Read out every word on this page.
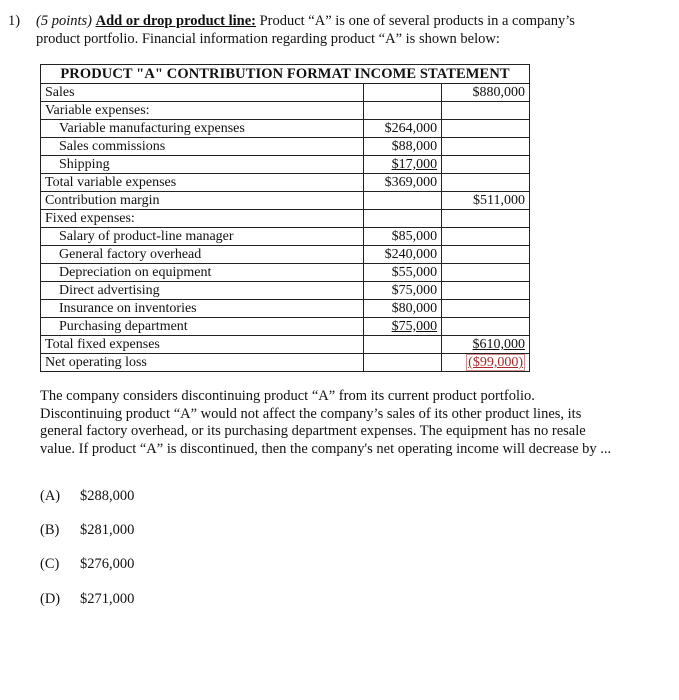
1)	(5 points) Add or drop product line: Product “A” is one of several products in a company’s
product portfolio. Financial information regarding product “A” is shown below:
PRODUCT "A" CONTRIBUTION FORMAT INCOME STATEMENT		
Sales		$880,000
Variable expenses:		
Variable manufacturing expenses	$264,000	
Sales commissions	$88,000	
Shipping	$17,000	
Total variable expenses	$369,000	
Contribution margin		$511,000
Fixed expenses:		
Salary of product-line manager	$85,000	
General factory overhead	$240,000	
Depreciation on equipment	$55,000	
Direct advertising	$75,000	
Insurance on inventories	$80,000	
Purchasing department	$75,000	
Total fixed expenses		$610,000
Net operating loss		($99,000)
The company considers discontinuing product “A” from its current product portfolio. Discontinuing product “A” would not affect the company’s sales of its other product lines, its general factory overhead, or its purchasing department expenses. The equipment has no resale value. If product “A” is discontinued, then the company's net operating income will decrease by ...
(A) $288,000
(B) $281,000
(C) $276,000
(D) $271,000
